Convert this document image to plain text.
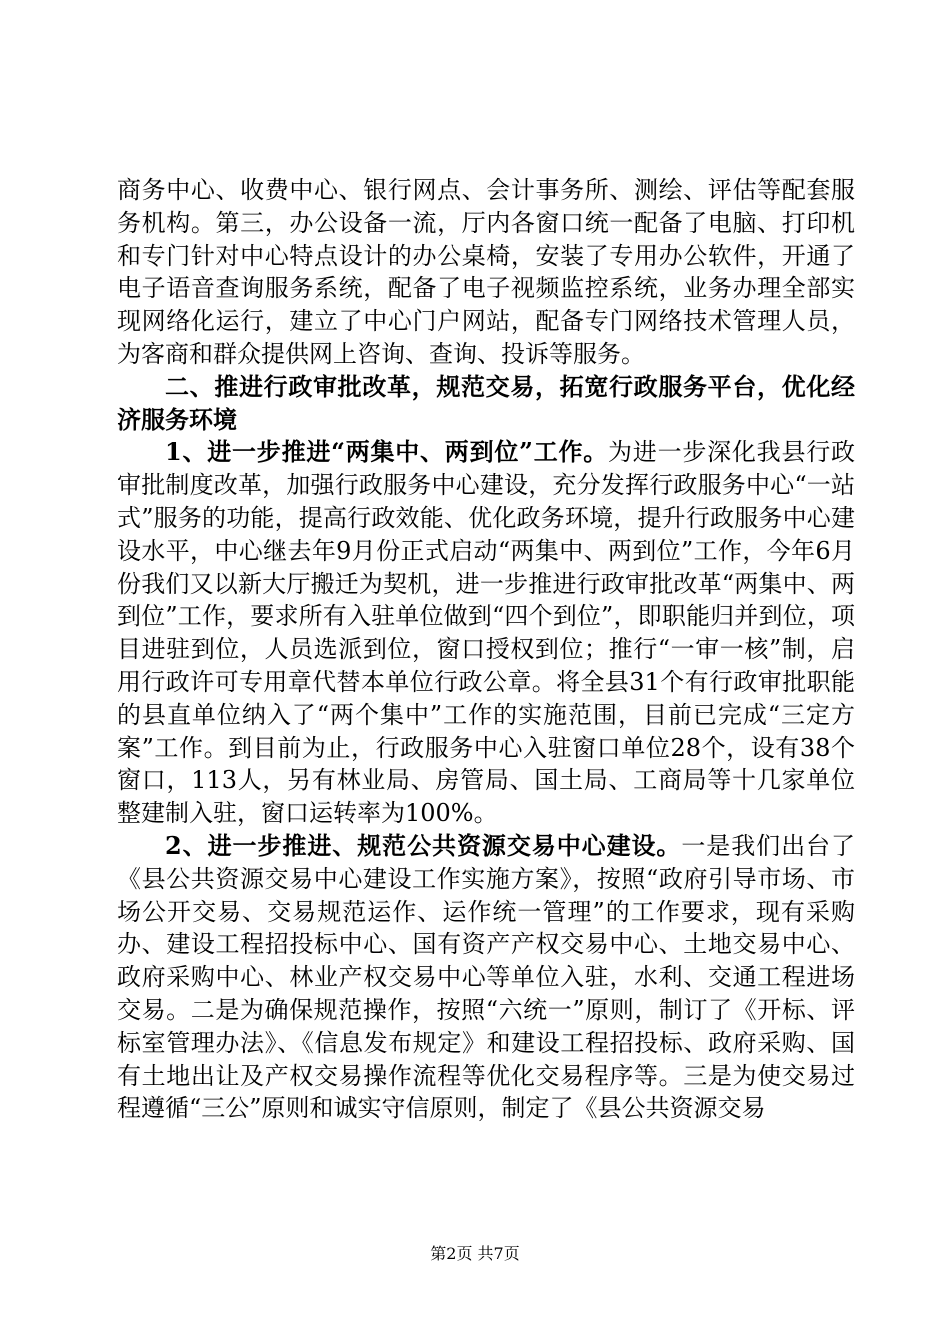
商务中心、收费中心、银行网点、会计事务所、测绘、评估等配套服务机构。第三，办公设备一流，厅内各窗口统一配备了电脑、打印机和专门针对中心特点设计的办公桌椅，安装了专用办公软件，开通了电子语音查询服务系统，配备了电子视频监控系统，业务办理全部实现网络化运行，建立了中心门户网站，配备专门网络技术管理人员，为客商和群众提供网上咨询、查询、投诉等服务。

二、推进行政审批改革，规范交易，拓宽行政服务平台，优化经济服务环境

1、进一步推进“两集中、两到位”工作。为进一步深化我县行政审批制度改革，加强行政服务中心建设，充分发挥行政服务中心“一站式”服务的功能，提高行政效能、优化政务环境，提升行政服务中心建设水平，中心继去年9月份正式启动“两集中、两到位”工作，今年6月份我们又以新大厅搬迁为契机，进一步推进行政审批改革“两集中、两到位”工作，要求所有入驻单位做到“四个到位”，即职能归并到位，项目进驻到位，人员选派到位，窗口授权到位；推行“一审一核”制，启用行政许可专用章代替本单位行政公章。将全县31个有行政审批职能的县直单位纳入了“两个集中”工作的实施范围，目前已完成“三定方案”工作。到目前为止，行政服务中心入驻窗口单位28个，设有38个窗口，113人，另有林业局、房管局、国土局、工商局等十几家单位整建制入驻，窗口运转率为100%。

2、进一步推进、规范公共资源交易中心建设。一是我们出台了《县公共资源交易中心建设工作实施方案》，按照“政府引导市场、市场公开交易、交易规范运作、运作统一管理”的工作要求，现有采购办、建设工程招投标中心、国有资产产权交易中心、土地交易中心、政府采购中心、林业产权交易中心等单位入驻，水利、交通工程进场交易。二是为确保规范操作，按照“六统一”原则，制订了《开标、评标室管理办法》、《信息发布规定》和建设工程招投标、政府采购、国有土地出让及产权交易操作流程等优化交易程序等。三是为使交易过程遵循“三公”原则和诚实守信原则，制定了《县公共资源交易

第2页 共7页
